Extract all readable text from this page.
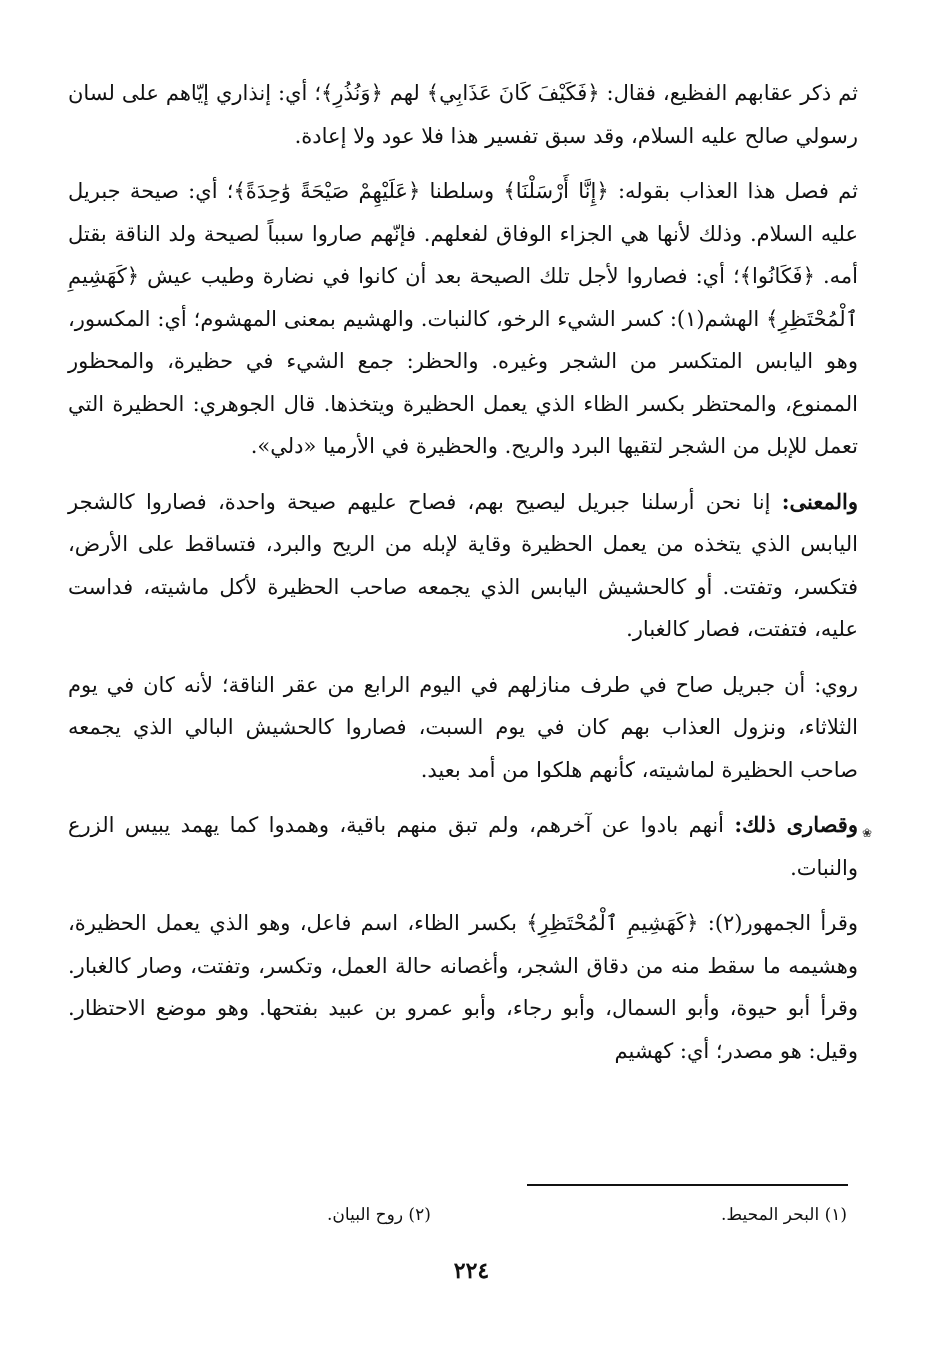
ثم ذكر عقابهم الفظيع، فقال: ﴿فَكَيْفَ كَانَ عَذَابِي﴾ لهم ﴿وَنُذُرِ﴾؛ أي: إنذاري إيّاهم على لسان رسولي صالح عليه السلام، وقد سبق تفسير هذا فلا عود ولا إعادة.

ثم فصل هذا العذاب بقوله: ﴿إِنَّا أَرْسَلْنَا﴾ وسلطنا ﴿عَلَيْهِمْ صَيْحَةً وَٰحِدَةً﴾؛ أي: صيحة جبريل عليه السلام. وذلك لأنها هي الجزاء الوفاق لفعلهم. فإنّهم صاروا سبباً لصيحة ولد الناقة بقتل أمه. ﴿فَكَانُوا﴾؛ أي: فصاروا لأجل تلك الصيحة بعد أن كانوا في نضارة وطيب عيش ﴿كَهَشِيمِ ٱلْمُحْتَظِرِ﴾ الهشم(١): كسر الشيء الرخو، كالنبات. والهشيم بمعنى المهشوم؛ أي: المكسور، وهو اليابس المتكسر من الشجر وغيره. والحظر: جمع الشيء في حظيرة، والمحظور الممنوع، والمحتظر بكسر الظاء الذي يعمل الحظيرة ويتخذها. قال الجوهري: الحظيرة التي تعمل للإبل من الشجر لتقيها البرد والريح. والحظيرة في الأرميا «دلي».

والمعنى: إنا نحن أرسلنا جبريل ليصيح بهم، فصاح عليهم صيحة واحدة، فصاروا كالشجر اليابس الذي يتخذه من يعمل الحظيرة وقاية لإبله من الريح والبرد، فتساقط على الأرض، فتكسر، وتفتت. أو كالحشيش اليابس الذي يجمعه صاحب الحظيرة لأكل ماشيته، فداست عليه، فتفتت، فصار كالغبار.

روي: أن جبريل صاح في طرف منازلهم في اليوم الرابع من عقر الناقة؛ لأنه كان في يوم الثلاثاء، ونزول العذاب بهم كان في يوم السبت، فصاروا كالحشيش البالي الذي يجمعه صاحب الحظيرة لماشيته، كأنهم هلكوا من أمد بعيد.

وقصارى ذلك: أنهم بادوا عن آخرهم، ولم تبق منهم باقية، وهمدوا كما يهمد يبيس الزرع والنبات.

وقرأ الجمهور(٢): ﴿كَهَشِيمِ ٱلْمُحْتَظِرِ﴾ بكسر الظاء، اسم فاعل، وهو الذي يعمل الحظيرة، وهشيمه ما سقط منه من دقاق الشجر، وأغصانه حالة العمل، وتكسر، وتفتت، وصار كالغبار. وقرأ أبو حيوة، وأبو السمال، وأبو رجاء، وأبو عمرو بن عبيد بفتحها. وهو موضع الاحتظار. وقيل: هو مصدر؛ أي: كهشيم

❀
(١) البحر المحيط.
(٢) روح البيان.
٢٢٤
